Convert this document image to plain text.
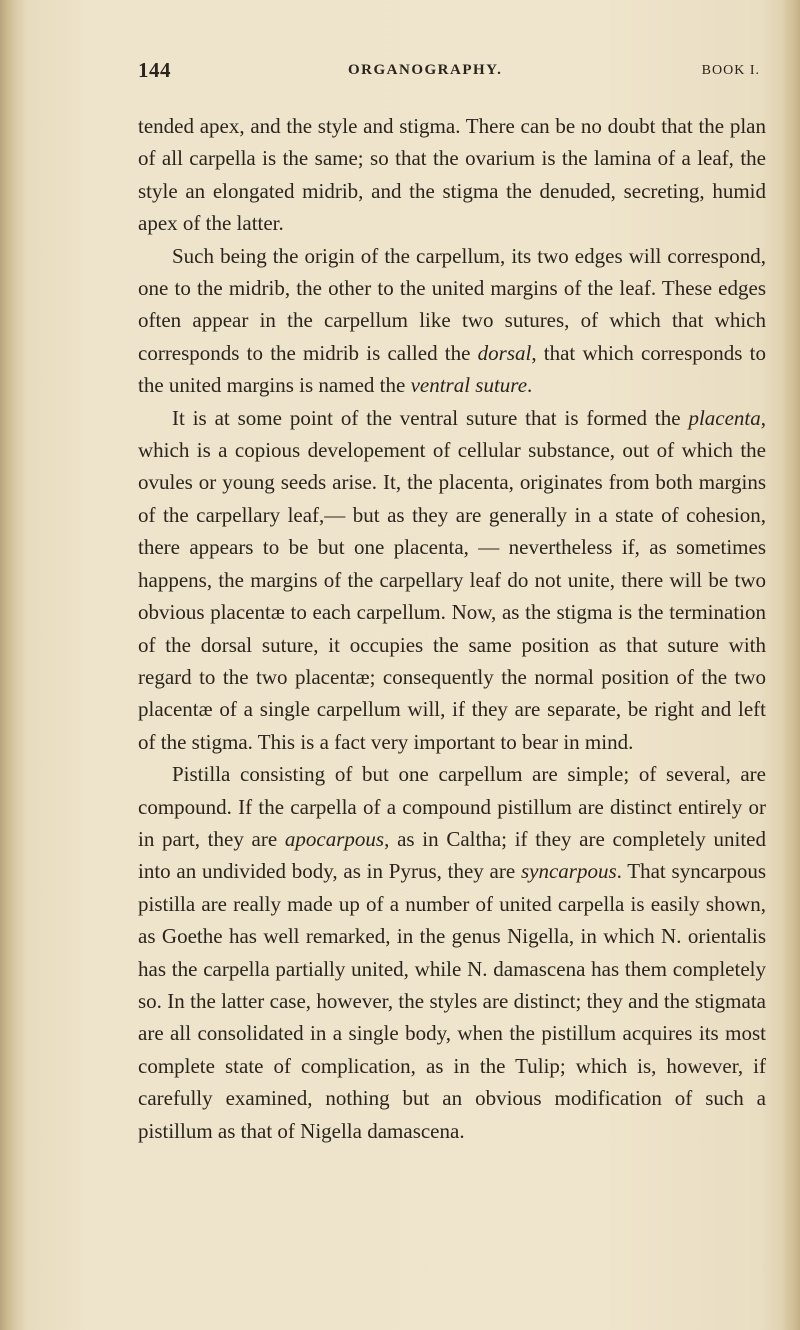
144	ORGANOGRAPHY.	BOOK I.

tended apex, and the style and stigma. There can be no doubt that the plan of all carpella is the same; so that the ovarium is the lamina of a leaf, the style an elongated midrib, and the stigma the denuded, secreting, humid apex of the latter.

Such being the origin of the carpellum, its two edges will correspond, one to the midrib, the other to the united margins of the leaf. These edges often appear in the carpellum like two sutures, of which that which corresponds to the midrib is called the dorsal, that which corresponds to the united margins is named the ventral suture.

It is at some point of the ventral suture that is formed the placenta, which is a copious developement of cellular substance, out of which the ovules or young seeds arise. It, the placenta, originates from both margins of the carpellary leaf,— but as they are generally in a state of cohesion, there appears to be but one placenta, — nevertheless if, as sometimes happens, the margins of the carpellary leaf do not unite, there will be two obvious placentæ to each carpellum. Now, as the stigma is the termination of the dorsal suture, it occupies the same position as that suture with regard to the two placentæ; consequently the normal position of the two placentæ of a single carpellum will, if they are separate, be right and left of the stigma. This is a fact very important to bear in mind.

Pistilla consisting of but one carpellum are simple; of several, are compound. If the carpella of a compound pistillum are distinct entirely or in part, they are apocarpous, as in Caltha; if they are completely united into an undivided body, as in Pyrus, they are syncarpous. That syncarpous pistilla are really made up of a number of united carpella is easily shown, as Goethe has well remarked, in the genus Nigella, in which N. orientalis has the carpella partially united, while N. damascena has them completely so. In the latter case, however, the styles are distinct; they and the stigmata are all consolidated in a single body, when the pistillum acquires its most complete state of complication, as in the Tulip; which is, however, if carefully examined, nothing but an obvious modification of such a pistillum as that of Nigella damascena.
